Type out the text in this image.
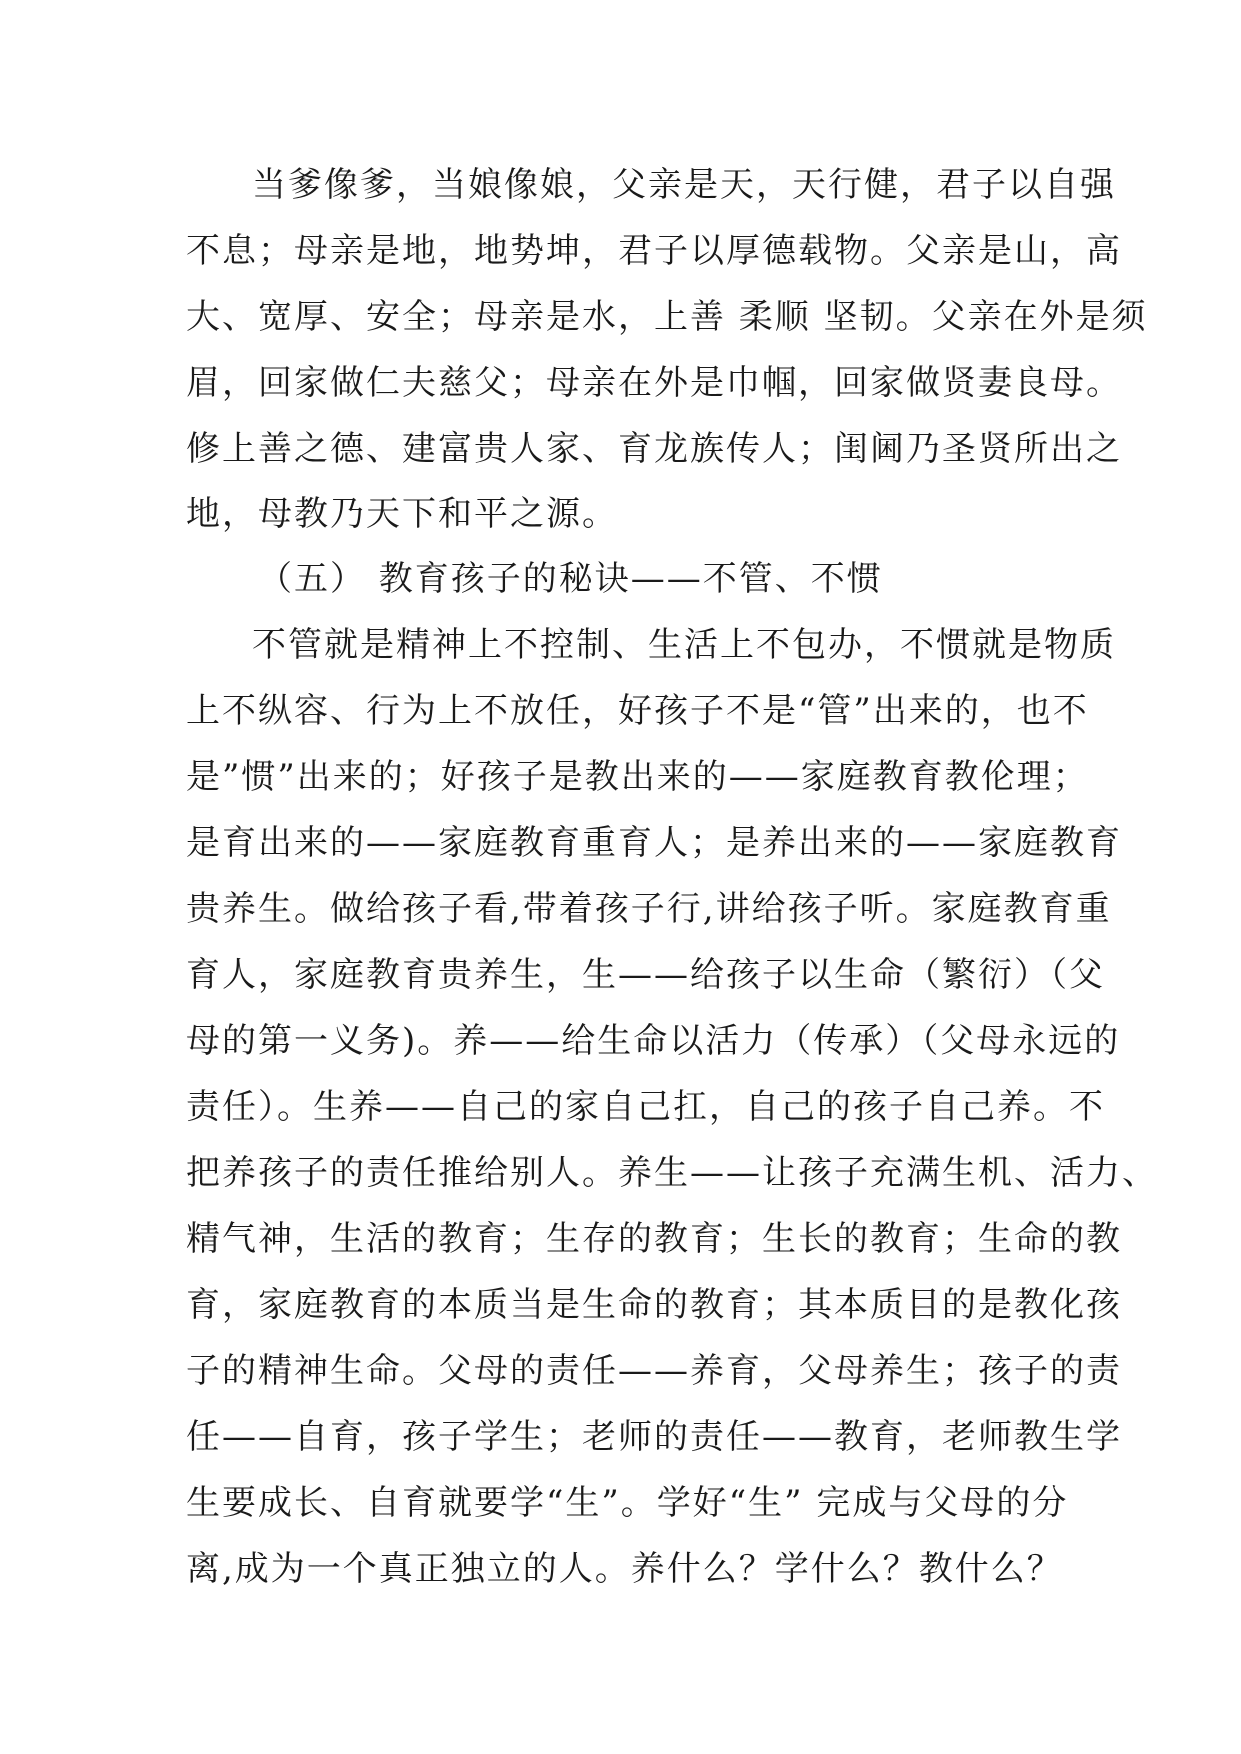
当爹像爹，当娘像娘，父亲是天，天行健，君子以自强
不息；母亲是地，地势坤，君子以厚德载物。父亲是山，高
大、宽厚、安全；母亲是水，上善 柔顺 坚韧。父亲在外是须
眉，回家做仁夫慈父；母亲在外是巾帼，回家做贤妻良母。
修上善之德、建富贵人家、育龙族传人；闺阃乃圣贤所出之
地，母教乃天下和平之源。
（五） 教育孩子的秘诀——不管、不惯
不管就是精神上不控制、生活上不包办，不惯就是物质
上不纵容、行为上不放任，好孩子不是“管”出来的，也不
是”惯”出来的；好孩子是教出来的——家庭教育教伦理；
是育出来的——家庭教育重育人；是养出来的——家庭教育
贵养生。做给孩子看,带着孩子行,讲给孩子听。家庭教育重
育人，家庭教育贵养生，生——给孩子以生命（繁衍）（父
母的第一义务)。养——给生命以活力（传承）（父母永远的
责任）。生养——自己的家自己扛，自己的孩子自己养。不
把养孩子的责任推给别人。养生——让孩子充满生机、活力、
精气神，生活的教育；生存的教育；生长的教育；生命的教
育，家庭教育的本质当是生命的教育；其本质目的是教化孩
子的精神生命。父母的责任——养育，父母养生；孩子的责
任——自育，孩子学生；老师的责任——教育，老师教生学
生要成长、自育就要学“生”。学好“生” 完成与父母的分
离,成为一个真正独立的人。养什么？学什么？教什么？
